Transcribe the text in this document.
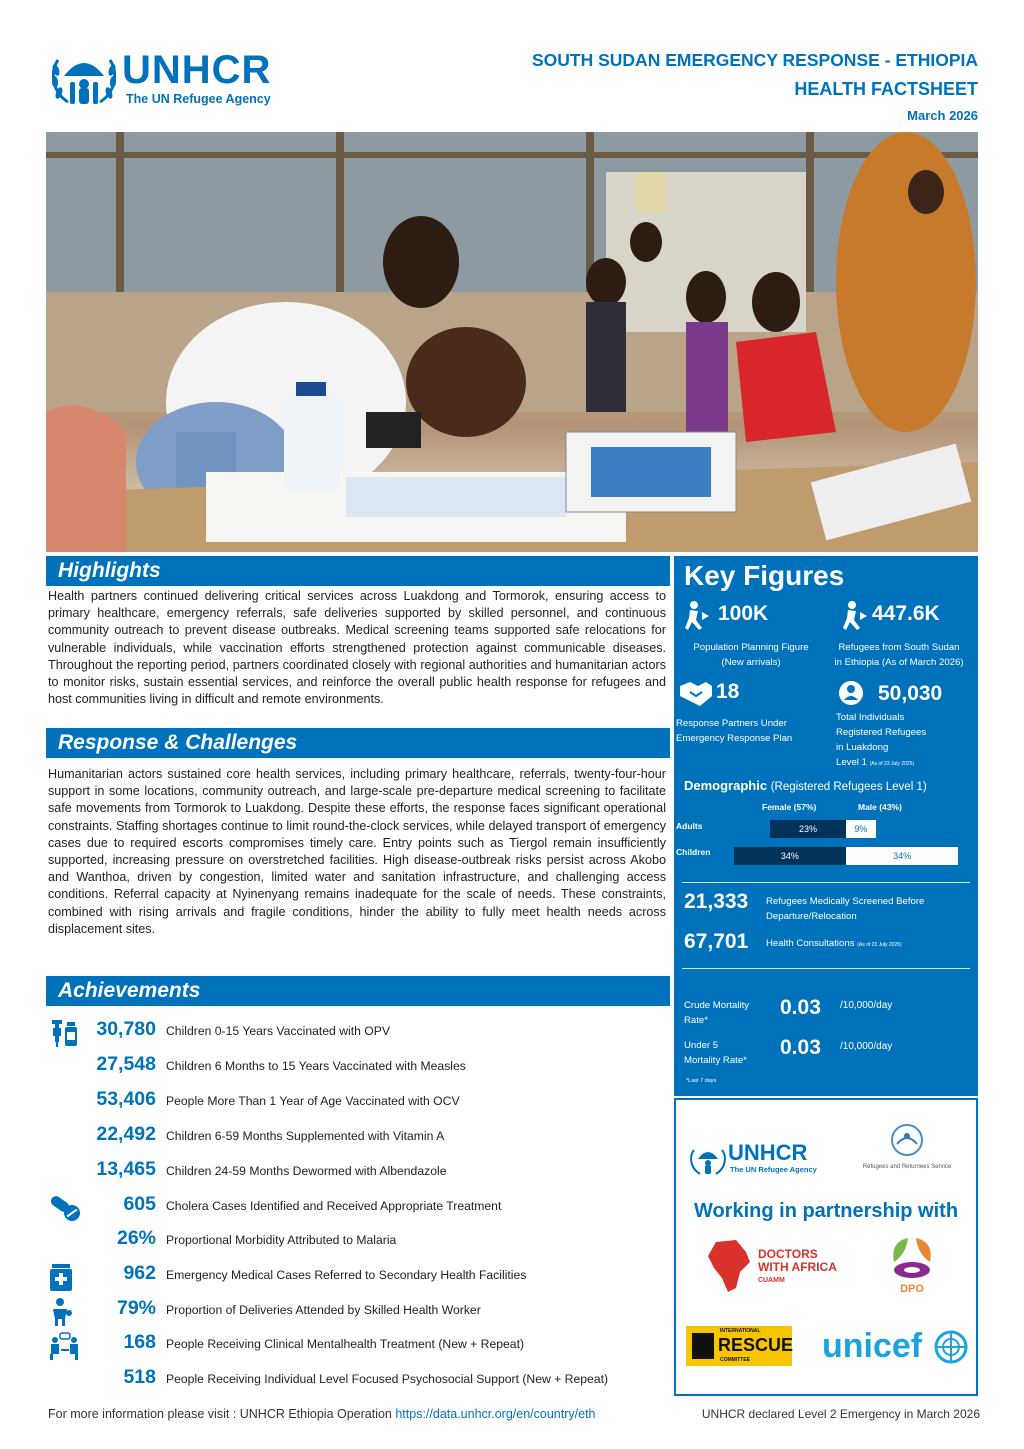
UNHCR
The UN Refugee Agency
SOUTH SUDAN EMERGENCY RESPONSE - ETHIOPIA
HEALTH FACTSHEET
March 2026
Highlights
Health partners continued delivering critical services across Luakdong and Tormorok, ensuring access to primary healthcare, emergency referrals, safe deliveries supported by skilled personnel, and continuous community outreach to prevent disease outbreaks. Medical screening teams supported safe relocations for vulnerable individuals, while vaccination efforts strengthened protection against communicable diseases. Throughout the reporting period, partners coordinated closely with regional authorities and humanitarian actors to monitor risks, sustain essential services, and reinforce the overall public health response for refugees and host communities living in difficult and remote environments.
Response & Challenges
Humanitarian actors sustained core health services, including primary healthcare, referrals, twenty-four-hour support in some locations, community outreach, and large-scale pre-departure medical screening to facilitate safe movements from Tormorok to Luakdong. Despite these efforts, the response faces significant operational constraints. Staffing shortages continue to limit round-the-clock services, while delayed transport of emergency cases due to required escorts compromises timely care. Entry points such as Tiergol remain insufficiently supported, increasing pressure on overstretched facilities. High disease-outbreak risks persist across Akobo and Wanthoa, driven by congestion, limited water and sanitation infrastructure, and challenging access conditions. Referral capacity at Nyinenyang remains inadequate for the scale of needs. These constraints, combined with rising arrivals and fragile conditions, hinder the ability to fully meet health needs across displacement sites.
Achievements
30,780 Children 0-15 Years Vaccinated with OPV
27,548 Children 6 Months to 15 Years Vaccinated with Measles
53,406 People More Than 1 Year of Age Vaccinated with OCV
22,492 Children 6-59 Months Supplemented with Vitamin A
13,465 Children 24-59 Months Dewormed with Albendazole
605 Cholera Cases Identified and Received Appropriate Treatment
26% Proportional Morbidity Attributed to Malaria
962 Emergency Medical Cases Referred to Secondary Health Facilities
79% Proportion of Deliveries Attended by Skilled Health Worker
168 People Receiving Clinical Mentalhealth Treatment (New + Repeat)
518 People Receiving Individual Level Focused Psychosocial Support (New + Repeat)
Key Figures
100K
Population Planning Figure
(New arrivals)
447.6K
Refugees from South Sudan
in Ethiopia (As of March 2026)
18
Response Partners Under
Emergency Response Plan
50,030
Total Individuals
Registered Refugees
in Luakdong
Level 1 (As of 23 July 2025)
Demographic (Registered Refugees Level 1)
Female (57%)	Male (43%)
Adults	23%	9%
Children	34%	34%
21,333 Refugees Medically Screened Before
Departure/Relocation
67,701 Health Consultations (As of 23 July 2025)
Crude Mortality
Rate*
0.03 /10,000/day
Under 5
Mortality Rate*
0.03 /10,000/day
*Last 7 days
UNHCR
The UN Refugee Agency	Refugees and Returnees Service
Working in partnership with
DOCTORS
WITH AFRICA
CUAMM
DPO
INTERNATIONAL
RESCUE
COMMITTEE unicef
For more information please visit : UNHCR Ethiopia Operation https://data.unhcr.org/en/country/eth	UNHCR declared Level 2 Emergency in March 2026
